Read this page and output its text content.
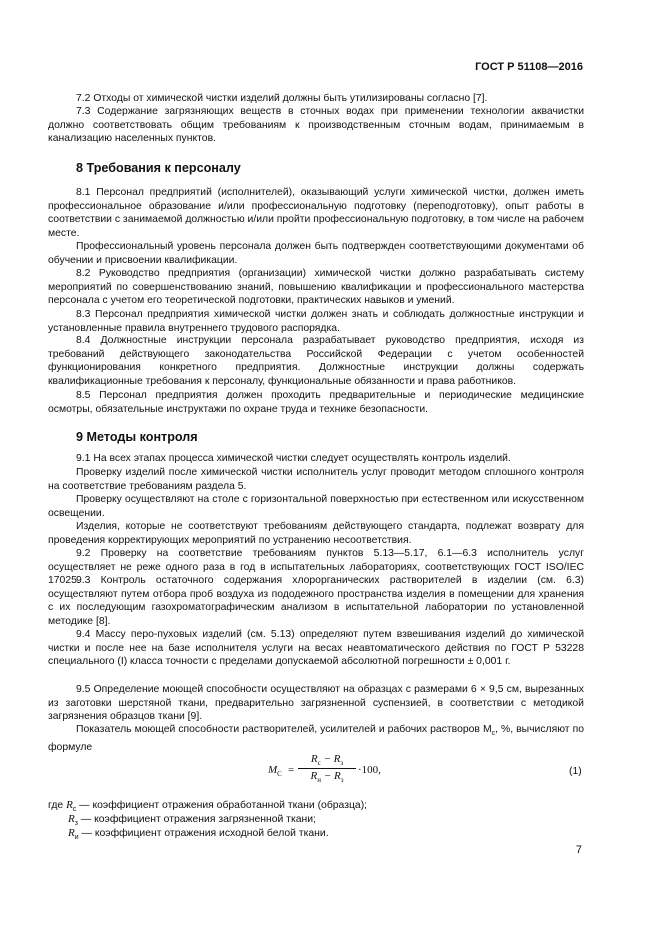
ГОСТ Р 51108—2016
7.2 Отходы от химической чистки изделий должны быть утилизированы согласно [7].
7.3 Содержание загрязняющих веществ в сточных водах при применении технологии аквачистки должно соответствовать общим требованиям к производственным сточным водам, принимаемым в канализацию населенных пунктов.
8 Требования к персоналу
8.1 Персонал предприятий (исполнителей), оказывающий услуги химической чистки, должен иметь профессиональное образование и/или профессиональную подготовку (переподготовку), опыт работы в соответствии с занимаемой должностью и/или пройти профессиональную подготовку, в том числе на рабочем месте.
Профессиональный уровень персонала должен быть подтвержден соответствующими документами об обучении и присвоении квалификации.
8.2 Руководство предприятия (организации) химической чистки должно разрабатывать систему мероприятий по совершенствованию знаний, повышению квалификации и профессионального мастерства персонала с учетом его теоретической подготовки, практических навыков и умений.
8.3 Персонал предприятия химической чистки должен знать и соблюдать должностные инструкции и установленные правила внутреннего трудового распорядка.
8.4 Должностные инструкции персонала разрабатывает руководство предприятия, исходя из требований действующего законодательства Российской Федерации с учетом особенностей функционирования конкретного предприятия. Должностные инструкции должны содержать квалификационные требования к персоналу, функциональные обязанности и права работников.
8.5 Персонал предприятия должен проходить предварительные и периодические медицинские осмотры, обязательные инструктажи по охране труда и технике безопасности.
9 Методы контроля
9.1 На всех этапах процесса химической чистки следует осуществлять контроль изделий.
Проверку изделий после химической чистки исполнитель услуг проводит методом сплошного контроля на соответствие требованиям раздела 5.
Проверку осуществляют на столе с горизонтальной поверхностью при естественном или искусственном освещении.
Изделия, которые не соответствуют требованиям действующего стандарта, подлежат возврату для проведения корректирующих мероприятий по устранению несоответствия.
9.2 Проверку на соответствие требованиям пунктов 5.13—5.17, 6.1—6.3 исполнитель услуг осуществляет не реже одного раза в год в испытательных лабораториях, соответствующих ГОСТ ISO/IEC 17025.
9.3 Контроль остаточного содержания хлорорганических растворителей в изделии (см. 6.3) осуществляют путем отбора проб воздуха из пододежного пространства изделия в помещении для хранения с их последующим газохроматографическим анализом в испытательной лаборатории по установленной методике [8].
9.4 Массу перо-пуховых изделий (см. 5.13) определяют путем взвешивания изделий до химической чистки и после нее на базе исполнителя услуги на весах неавтоматического действия по ГОСТ Р 53228 специального (I) класса точности с пределами допускаемой абсолютной погрешности ± 0,001 г.
9.5 Определение моющей способности осуществляют на образцах с размерами 6 × 9,5 см, вырезанных из заготовки шерстяной ткани, предварительно загрязненной суспензией, в соответствии с методикой загрязнения образцов ткани [9].
Показатель моющей способности растворителей, усилителей и рабочих растворов $M_c$, %, вычисляют по формуле
$M_C$ =
$R_c - R_з$
$R_и - R_з$
·100,	(1)
где $R_c$ — коэффициент отражения обработанной ткани (образца);
$R_з$ — коэффициент отражения загрязненной ткани;
$R_и$ — коэффициент отражения исходной белой ткани.
7
